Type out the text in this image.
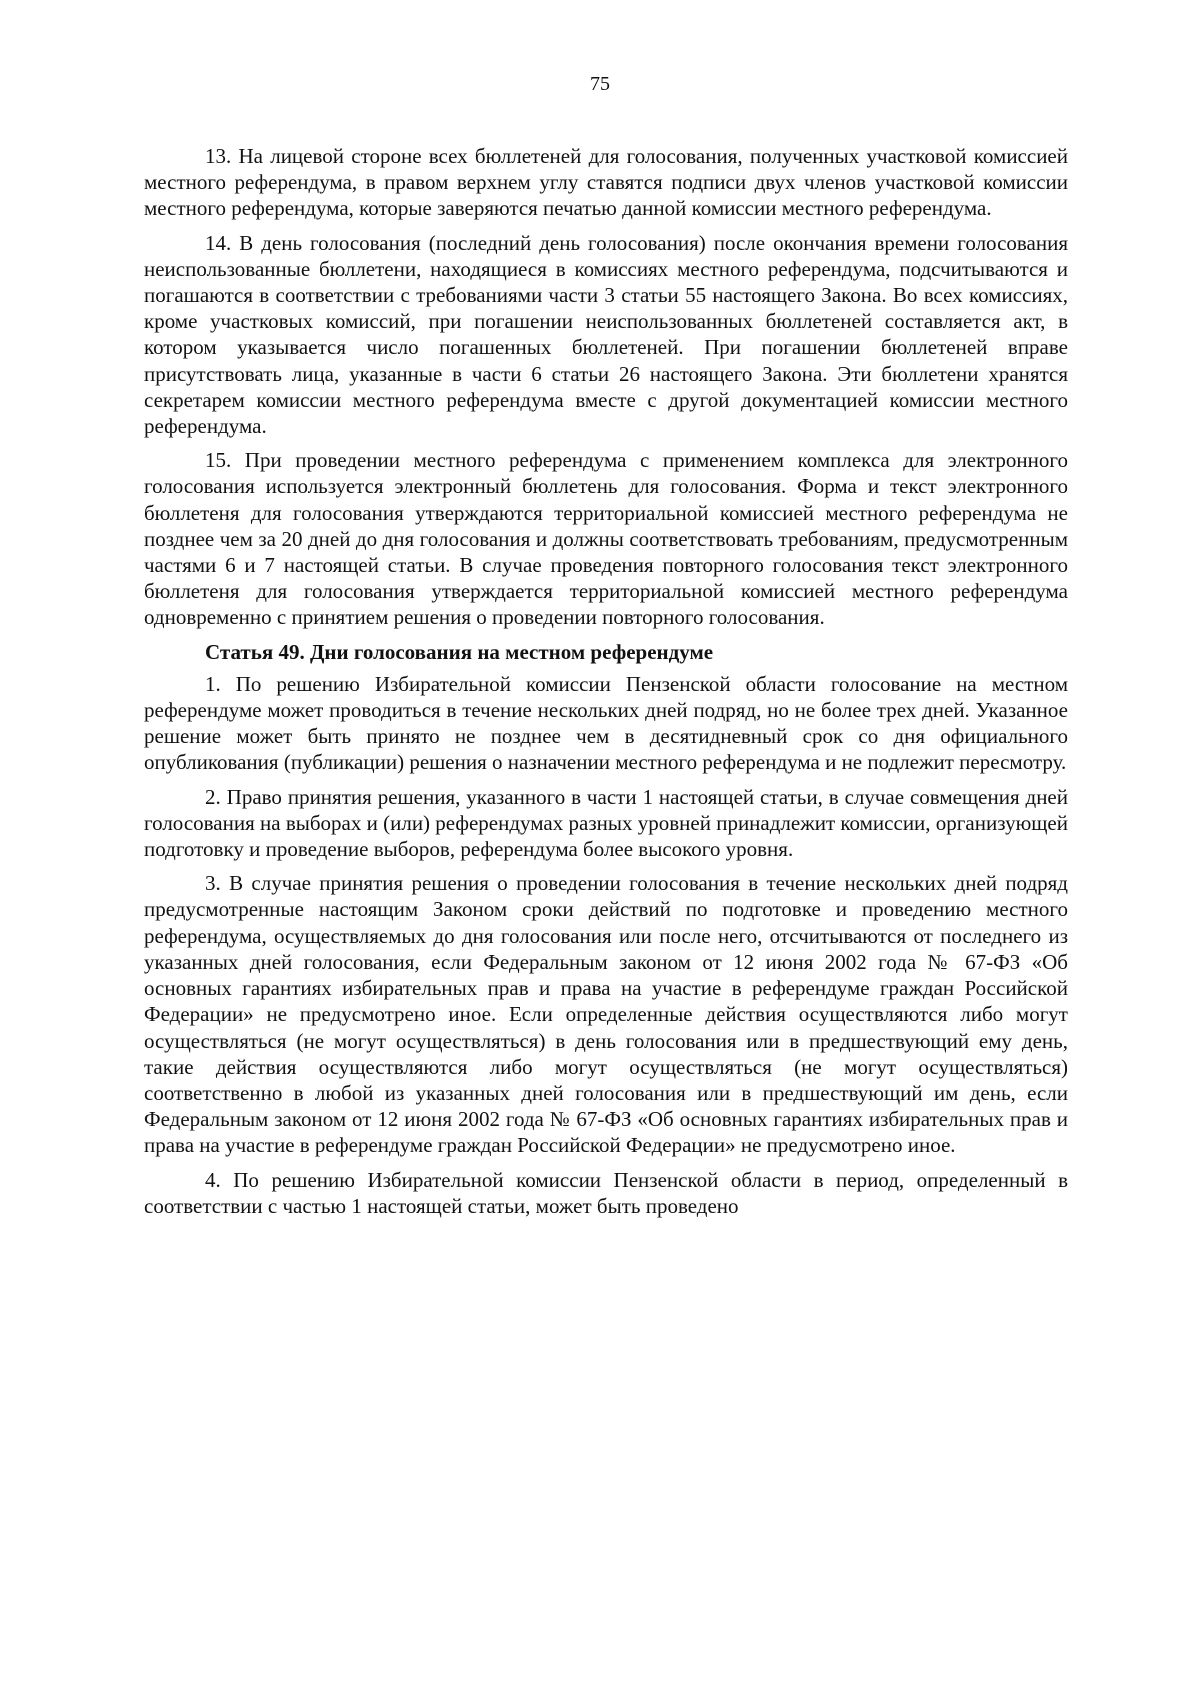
75

13. На лицевой стороне всех бюллетеней для голосования, полученных участковой комиссией местного референдума, в правом верхнем углу ставятся подписи двух членов участковой комиссии местного референдума, которые заверяются печатью данной комиссии местного референдума.

14. В день голосования (последний день голосования) после окончания времени голосования неиспользованные бюллетени, находящиеся в комиссиях местного референдума, подсчитываются и погашаются в соответствии с требованиями части 3 статьи 55 настоящего Закона. Во всех комиссиях, кроме участковых комиссий, при погашении неиспользованных бюллетеней составляется акт, в котором указывается число погашенных бюллетеней. При погашении бюллетеней вправе присутствовать лица, указанные в части 6 статьи 26 настоящего Закона. Эти бюллетени хранятся секретарем комиссии местного референдума вместе с другой документацией комиссии местного референдума.

15. При проведении местного референдума с применением комплекса для электронного голосования используется электронный бюллетень для голосования. Форма и текст электронного бюллетеня для голосования утверждаются территориальной комиссией местного референдума не позднее чем за 20 дней до дня голосования и должны соответствовать требованиям, предусмотренным частями 6 и 7 настоящей статьи. В случае проведения повторного голосования текст электронного бюллетеня для голосования утверждается территориальной комиссией местного референдума одновременно с принятием решения о проведении повторного голосования.

Статья 49. Дни голосования на местном референдуме

1. По решению Избирательной комиссии Пензенской области голосование на местном референдуме может проводиться в течение нескольких дней подряд, но не более трех дней. Указанное решение может быть принято не позднее чем в десятидневный срок со дня официального опубликования (публикации) решения о назначении местного референдума и не подлежит пересмотру.

2. Право принятия решения, указанного в части 1 настоящей статьи, в случае совмещения дней голосования на выборах и (или) референдумах разных уровней принадлежит комиссии, организующей подготовку и проведение выборов, референдума более высокого уровня.

3. В случае принятия решения о проведении голосования в течение нескольких дней подряд предусмотренные настоящим Законом сроки действий по подготовке и проведению местного референдума, осуществляемых до дня голосования или после него, отсчитываются от последнего из указанных дней голосования, если Федеральным законом от 12 июня 2002 года № 67-ФЗ «Об основных гарантиях избирательных прав и права на участие в референдуме граждан Российской Федерации» не предусмотрено иное. Если определенные действия осуществляются либо могут осуществляться (не могут осуществляться) в день голосования или в предшествующий ему день, такие действия осуществляются либо могут осуществляться (не могут осуществляться) соответственно в любой из указанных дней голосования или в предшествующий им день, если Федеральным законом от 12 июня 2002 года № 67-ФЗ «Об основных гарантиях избирательных прав и права на участие в референдуме граждан Российской Федерации» не предусмотрено иное.

4. По решению Избирательной комиссии Пензенской области в период, определенный в соответствии с частью 1 настоящей статьи, может быть проведено
